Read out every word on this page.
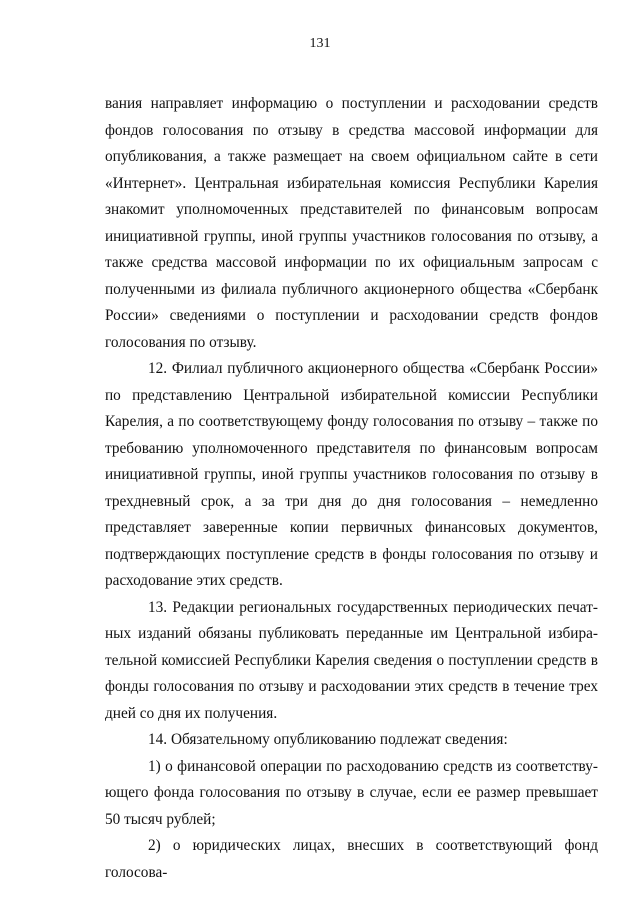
131

вания направляет информацию о поступлении и расходовании средств фондов голосования по отзыву в средства массовой информации для опубликования, а также размещает на своем официальном сайте в сети «Интернет». Центральная избирательная комиссия Республики Карелия знакомит уполномоченных представителей по финансовым вопросам инициативной группы, иной группы участников голосования по отзыву, а также средства массовой информации по их официальным запросам с полученными из филиала публичного акционерного общества «Сбербанк России» сведениями о поступлении и расходовании средств фондов голосования по отзыву.

12. Филиал публичного акционерного общества «Сбербанк России» по представлению Центральной избирательной комиссии Республики Карелия, а по соответствующему фонду голосования по отзыву – также по требованию уполномоченного представителя по финансовым вопросам инициативной группы, иной группы участников голосования по отзыву в трехдневный срок, а за три дня до дня голосования – немедленно представляет заверенные копии первичных финансовых документов, подтверждающих поступление средств в фонды голосования по отзыву и расходование этих средств.

13. Редакции региональных государственных периодических печатных изданий обязаны публиковать переданные им Центральной избирательной комиссией Республики Карелия сведения о поступлении средств в фонды голосования по отзыву и расходовании этих средств в течение трех дней со дня их получения.

14. Обязательному опубликованию подлежат сведения:

1) о финансовой операции по расходованию средств из соответствующего фонда голосования по отзыву в случае, если ее размер превышает 50 тысяч рублей;

2) о юридических лицах, внесших в соответствующий фонд голосова-
